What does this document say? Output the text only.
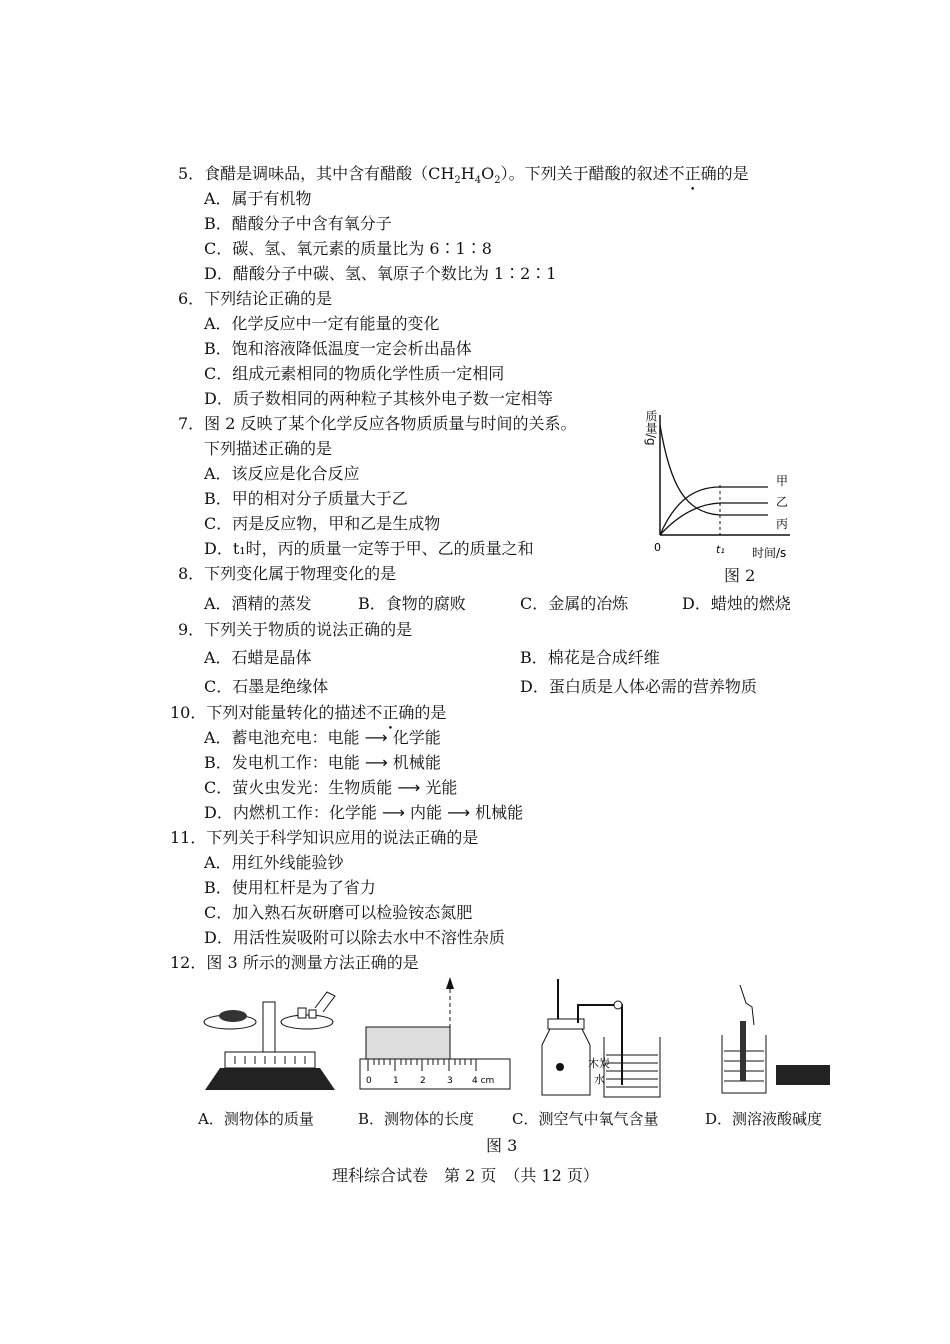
5．食醋是调味品，其中含有醋酸$(CH_2H_4O_2)$。下列关于醋酸的叙述不正确的是
A．属于有机物
B．醋酸分子中含有氧分子
C．碳、氢、氧元素的质量比为 6∶1∶8
D．醋酸分子中碳、氢、氧原子个数比为 1∶2∶1
6．下列结论正确的是
A．化学反应中一定有能量的变化
B．饱和溶液降低温度一定会析出晶体
C．组成元素相同的物质化学性质一定相同
D．质子数相同的两种粒子其核外电子数一定相等
7．图 2 反映了某个化学反应各物质质量与时间的关系。
下列描述正确的是
A．该反应是化合反应
B．甲的相对分子质量大于乙
C．丙是反应物，甲和乙是生成物
D．t₁时，丙的质量一定等于甲、乙的质量之和
甲
乙
丙
0	t₁ 时间/s
质量/g
图 2
8．下列变化属于物理变化的是
A．酒精的蒸发	B．食物的腐败	C．金属的冶炼	D．蜡烛的燃烧
9．下列关于物质的说法正确的是
A．石蜡是晶体	B．棉花是合成纤维
C．石墨是绝缘体	D．蛋白质是人体必需的营养物质
10．下列对能量转化的描述不正确的是
A．蓄电池充电：电能 ⟶ 化学能
B．发电机工作：电能 ⟶ 机械能
C．萤火虫发光：生物质能 ⟶ 光能
D．内燃机工作：化学能 ⟶ 内能 ⟶ 机械能
11．下列关于科学知识应用的说法正确的是
A．用红外线能验钞
B．使用杠杆是为了省力
C．加入熟石灰研磨可以检验铵态氮肥
D．用活性炭吸附可以除去水中不溶性杂质
12．图 3 所示的测量方法正确的是
0 1 2 3 4 cm
木炭
水
A．测物体的质量	B．测物体的长度	C．测空气中氧气含量	D．测溶液酸碱度
图 3
理科综合试卷　第 2 页　（共 12 页）
